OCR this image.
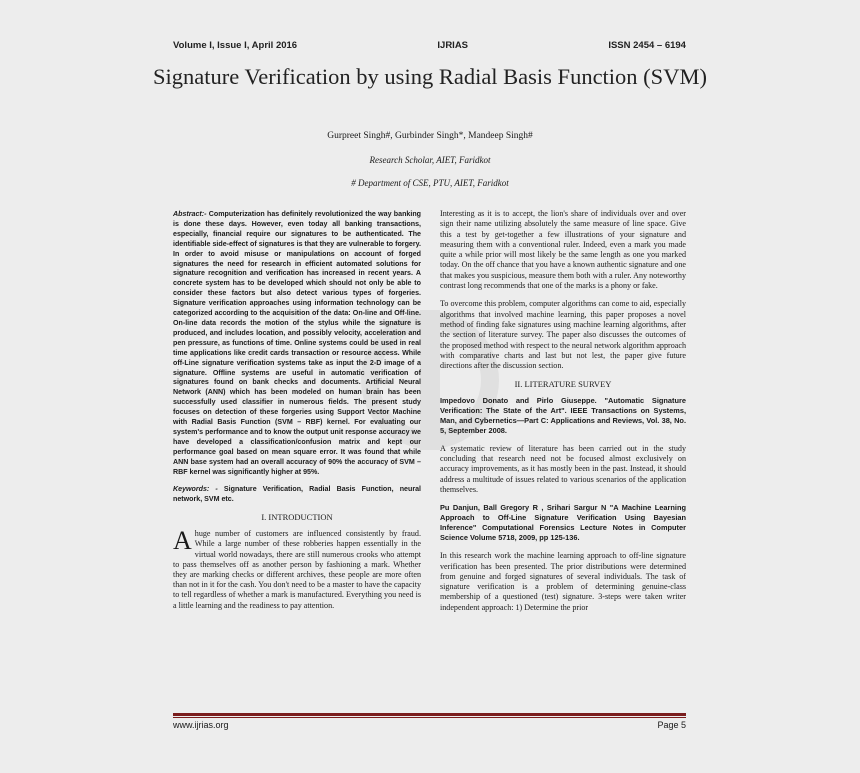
Volume I, Issue I, April 2016	IJRIAS	ISSN 2454 – 6194
Signature Verification by using Radial Basis Function (SVM)
Gurpreet Singh#, Gurbinder Singh*, Mandeep Singh#
Research Scholar, AIET, Faridkot
# Department of CSE, PTU, AIET, Faridkot
Abstract:- Computerization has definitely revolutionized the way banking is done these days. However, even today all banking transactions, especially, financial require our signatures to be authenticated. The identifiable side-effect of signatures is that they are vulnerable to forgery. In order to avoid misuse or manipulations on account of forged signatures the need for research in efficient automated solutions for signature recognition and verification has increased in recent years. A concrete system has to be developed which should not only be able to consider these factors but also detect various types of forgeries. Signature verification approaches using information technology can be categorized according to the acquisition of the data: On-line and Off-line. On-line data records the motion of the stylus while the signature is produced, and includes location, and possibly velocity, acceleration and pen pressure, as functions of time. Online systems could be used in real time applications like credit cards transaction or resource access. While off-Line signature verification systems take as input the 2-D image of a signature. Offline systems are useful in automatic verification of signatures found on bank checks and documents. Artificial Neural Network (ANN) which has been modeled on human brain has been successfully used classifier in numerous fields. The present study focuses on detection of these forgeries using Support Vector Machine with Radial Basis Function (SVM – RBF) kernel. For evaluating our system's performance and to know the output unit response accuracy we have developed a classification/confusion matrix and kept our performance goal based on mean square error. It was found that while ANN base system had an overall accuracy of 90% the accuracy of SVM – RBF kernel was significantly higher at 95%.
Keywords: - Signature Verification, Radial Basis Function, neural network, SVM etc.
I. INTRODUCTION
A huge number of customers are influenced consistently by fraud. While a large number of these robberies happen essentially in the virtual world nowadays, there are still numerous crooks who attempt to pass themselves off as another person by fashioning a mark. Whether they are marking checks or different archives, these people are more often than not in it for the cash. You don't need to be a master to have the capacity to tell regardless of whether a mark is manufactured. Everything you need is a little learning and the readiness to pay attention.
Interesting as it is to accept, the lion's share of individuals over and over sign their name utilizing absolutely the same measure of line space. Give this a test by get-together a few illustrations of your signature and measuring them with a conventional ruler. Indeed, even a mark you made quite a while prior will most likely be the same length as one you marked today. On the off chance that you have a known authentic signature and one that makes you suspicious, measure them both with a ruler. Any noteworthy contrast long recommends that one of the marks is a phony or fake.
To overcome this problem, computer algorithms can come to aid, especially algorithms that involved machine learning, this paper proposes a novel method of finding fake signatures using machine learning algorithms, after the section of literature survey. The paper also discusses the outcomes of the proposed method with respect to the neural network algorithm approach with comparative charts and last but not lest, the paper give future directions after the discussion section.
II. LITERATURE SURVEY
Impedovo Donato and Pirlo Giuseppe. "Automatic Signature Verification: The State of the Art". IEEE Transactions on Systems, Man, and Cybernetics—Part C: Applications and Reviews, Vol. 38, No. 5, September 2008.
A systematic review of literature has been carried out in the study concluding that research need not be focused almost exclusively on accuracy improvements, as it has mostly been in the past. Instead, it should address a multitude of issues related to various scenarios of the application themselves.
Pu Danjun, Ball Gregory R , Srihari Sargur N "A Machine Learning Approach to Off-Line Signature Verification Using Bayesian Inference" Computational Forensics Lecture Notes in Computer Science Volume 5718, 2009, pp 125-136.
In this research work the machine learning approach to off-line signature verification has been presented. The prior distributions were determined from genuine and forged signatures of several individuals. The task of signature verification is a problem of determining genuine-class membership of a questioned (test) signature. 3-steps were taken writer independent approach: 1) Determine the prior
www.ijrias.org	Page 5
